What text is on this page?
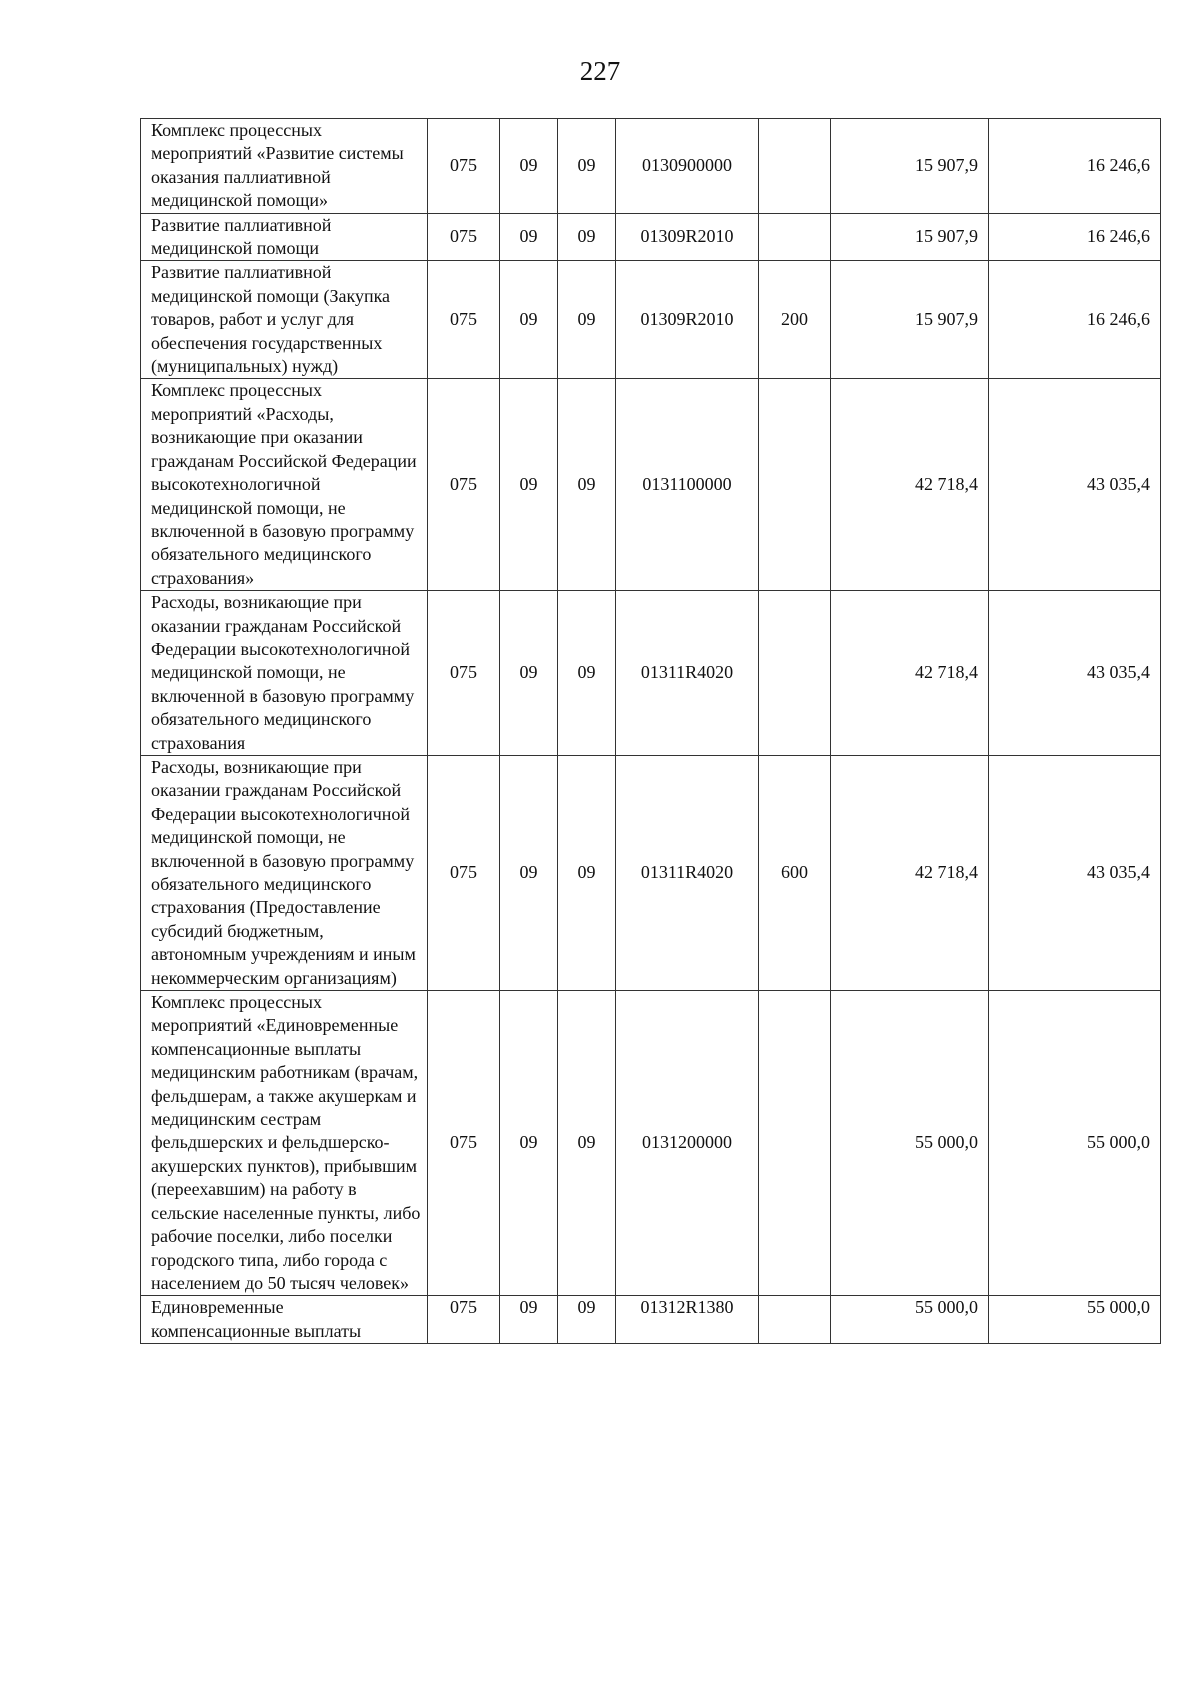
227
Комплекс процессных мероприятий «Развитие системы оказания паллиативной медицинской помощи»	075	09	09	0130900000		15 907,9	16 246,6
Развитие паллиативной медицинской помощи	075	09	09	01309R2010		15 907,9	16 246,6
Развитие паллиативной медицинской помощи (Закупка товаров, работ и услуг для обеспечения государственных (муниципальных) нужд)	075	09	09	01309R2010	200	15 907,9	16 246,6
Комплекс процессных мероприятий «Расходы, возникающие при оказании гражданам Российской Федерации высокотехнологичной медицинской помощи, не включенной в базовую программу обязательного медицинского страхования»	075	09	09	0131100000		42 718,4	43 035,4
Расходы, возникающие при оказании гражданам Российской Федерации высокотехнологичной медицинской помощи, не включенной в базовую программу обязательного медицинского страхования	075	09	09	01311R4020		42 718,4	43 035,4
Расходы, возникающие при оказании гражданам Российской Федерации высокотехнологичной медицинской помощи, не включенной в базовую программу обязательного медицинского страхования (Предоставление субсидий бюджетным, автономным учреждениям и иным некоммерческим организациям)	075	09	09	01311R4020	600	42 718,4	43 035,4
Комплекс процессных мероприятий «Единовременные компенсационные выплаты медицинским работникам (врачам, фельдшерам, а также акушеркам и медицинским сестрам фельдшерских и фельдшерско-акушерских пунктов), прибывшим (переехавшим) на работу в сельские населенные пункты, либо рабочие поселки, либо поселки городского типа, либо города с населением до 50 тысяч человек»	075	09	09	0131200000		55 000,0	55 000,0
Единовременные компенсационные выплаты	075	09	09	01312R1380		55 000,0	55 000,0
